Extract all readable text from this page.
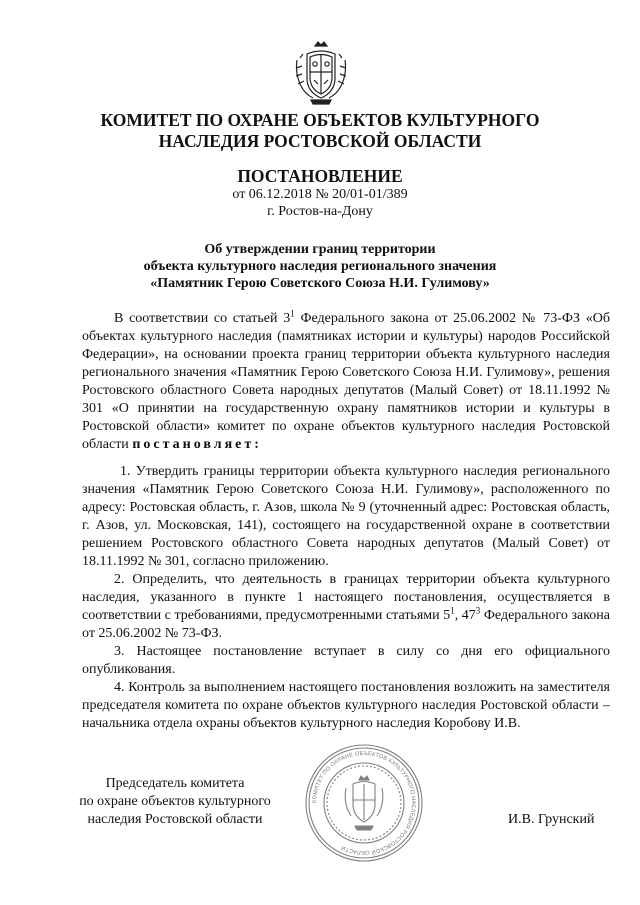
КОМИТЕТ ПО ОХРАНЕ ОБЪЕКТОВ КУЛЬТУРНОГО
НАСЛЕДИЯ РОСТОВСКОЙ ОБЛАСТИ
ПОСТАНОВЛЕНИЕ
от 06.12.2018 № 20/01-01/389
г. Ростов-на-Дону
Об утверждении границ территории
объекта культурного наследия регионального значения
«Памятник Герою Советского Союза Н.И. Гулимову»

В соответствии со статьей $3^1$ Федерального закона от 25.06.2002 № 73-ФЗ «Об объектах культурного наследия (памятниках истории и культуры) народов Российской Федерации», на основании проекта границ территории объекта культурного наследия регионального значения «Памятник Герою Советского Союза Н.И. Гулимову», решения Ростовского областного Совета народных депутатов (Малый Совет) от 18.11.1992 № 301 «О принятии на государственную охрану памятников истории и культуры в Ростовской области» комитет по охране объектов культурного наследия Ростовской области постановляет:

1. Утвердить границы территории объекта культурного наследия регионального значения «Памятник Герою Советского Союза Н.И. Гулимову», расположенного по адресу: Ростовская область, г. Азов, школа № 9 (уточненный адрес: Ростовская область, г. Азов, ул. Московская, 141), состоящего на государственной охране в соответствии решением Ростовского областного Совета народных депутатов (Малый Совет) от 18.11.1992 № 301, согласно приложению.

2. Определить, что деятельность в границах территории объекта культурного наследия, указанного в пункте 1 настоящего постановления, осуществляется в соответствии с требованиями, предусмотренными статьями $5^1$, $47^3$ Федерального закона от 25.06.2002 № 73-ФЗ.

3. Настоящее постановление вступает в силу со дня его официального опубликования.

4. Контроль за выполнением настоящего постановления возложить на заместителя председателя комитета по охране объектов культурного наследия Ростовской области – начальника отдела охраны объектов культурного наследия Коробову И.В.

Председатель комитета
по охране объектов культурного
наследия Ростовской области
КОМИТЕТ ПО ОХРАНЕ ОБЪЕКТОВ КУЛЬТУРНОГО НАСЛЕДИЯ РОСТОВСКОЙ ОБЛАСТИ
И.В. Грунский
